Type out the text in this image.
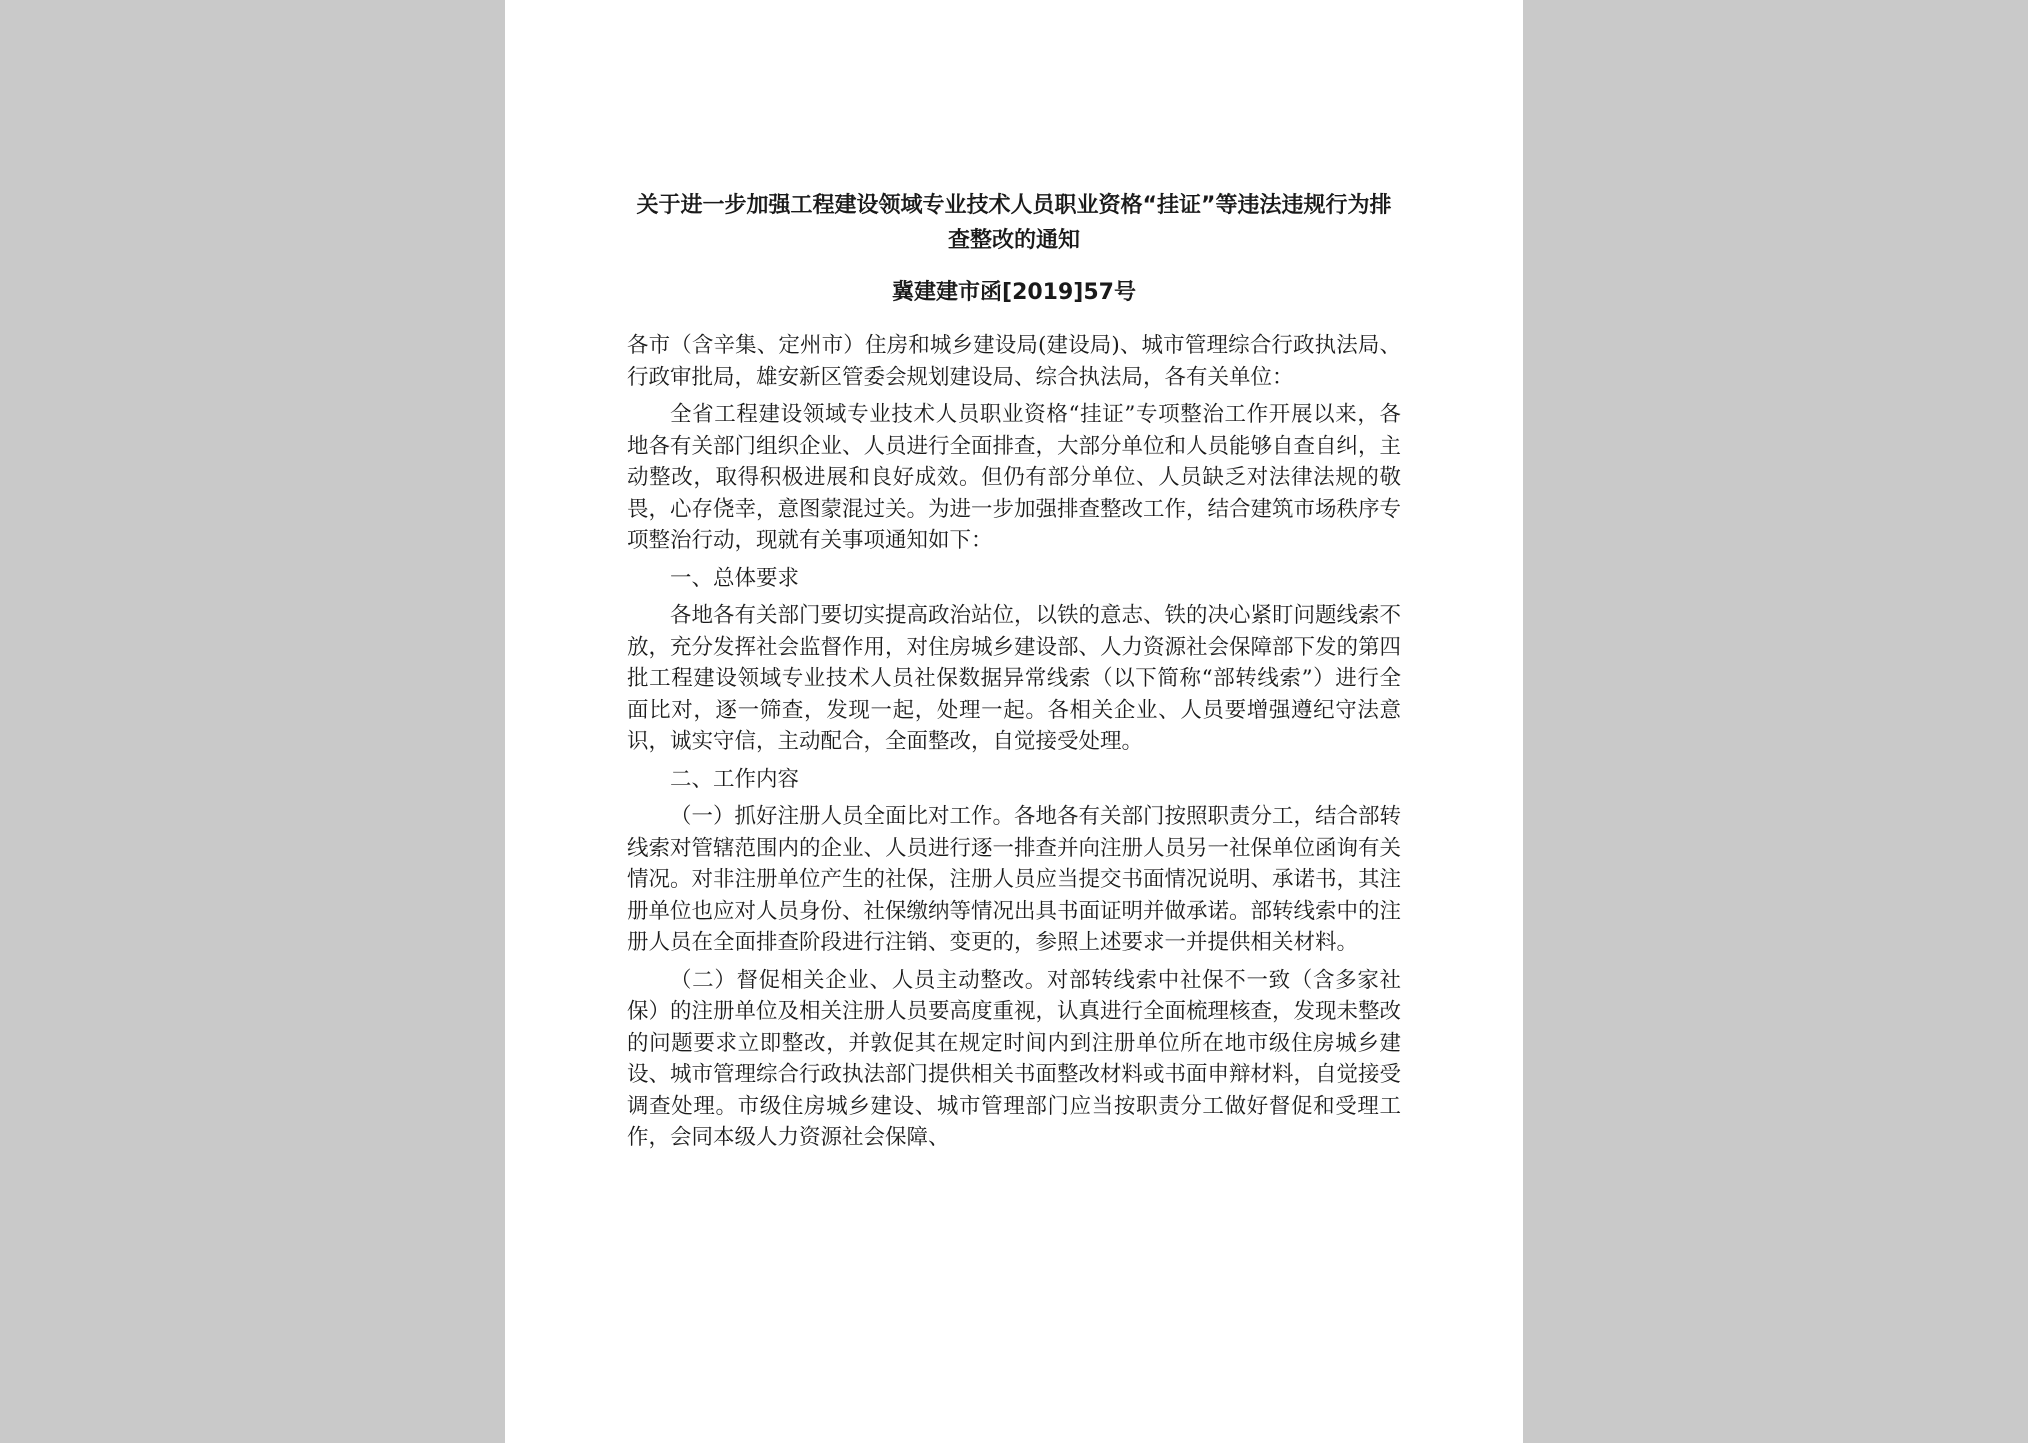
关于进一步加强工程建设领域专业技术人员职业资格“挂证”等违法违规行为排查整改的通知
冀建建市函[2019]57号

各市（含辛集、定州市）住房和城乡建设局(建设局)、城市管理综合行政执法局、行政审批局，雄安新区管委会规划建设局、综合执法局，各有关单位：

全省工程建设领域专业技术人员职业资格“挂证”专项整治工作开展以来，各地各有关部门组织企业、人员进行全面排查，大部分单位和人员能够自查自纠，主动整改，取得积极进展和良好成效。但仍有部分单位、人员缺乏对法律法规的敬畏，心存侥幸，意图蒙混过关。为进一步加强排查整改工作，结合建筑市场秩序专项整治行动，现就有关事项通知如下：

一、总体要求

各地各有关部门要切实提高政治站位，以铁的意志、铁的决心紧盯问题线索不放，充分发挥社会监督作用，对住房城乡建设部、人力资源社会保障部下发的第四批工程建设领域专业技术人员社保数据异常线索（以下简称“部转线索”）进行全面比对，逐一筛查，发现一起，处理一起。各相关企业、人员要增强遵纪守法意识，诚实守信，主动配合，全面整改，自觉接受处理。

二、工作内容

（一）抓好注册人员全面比对工作。各地各有关部门按照职责分工，结合部转线索对管辖范围内的企业、人员进行逐一排查并向注册人员另一社保单位函询有关情况。对非注册单位产生的社保，注册人员应当提交书面情况说明、承诺书，其注册单位也应对人员身份、社保缴纳等情况出具书面证明并做承诺。部转线索中的注册人员在全面排查阶段进行注销、变更的，参照上述要求一并提供相关材料。

（二）督促相关企业、人员主动整改。对部转线索中社保不一致（含多家社保）的注册单位及相关注册人员要高度重视，认真进行全面梳理核查，发现未整改的问题要求立即整改，并敦促其在规定时间内到注册单位所在地市级住房城乡建设、城市管理综合行政执法部门提供相关书面整改材料或书面申辩材料，自觉接受调查处理。市级住房城乡建设、城市管理部门应当按职责分工做好督促和受理工作，会同本级人力资源社会保障、
